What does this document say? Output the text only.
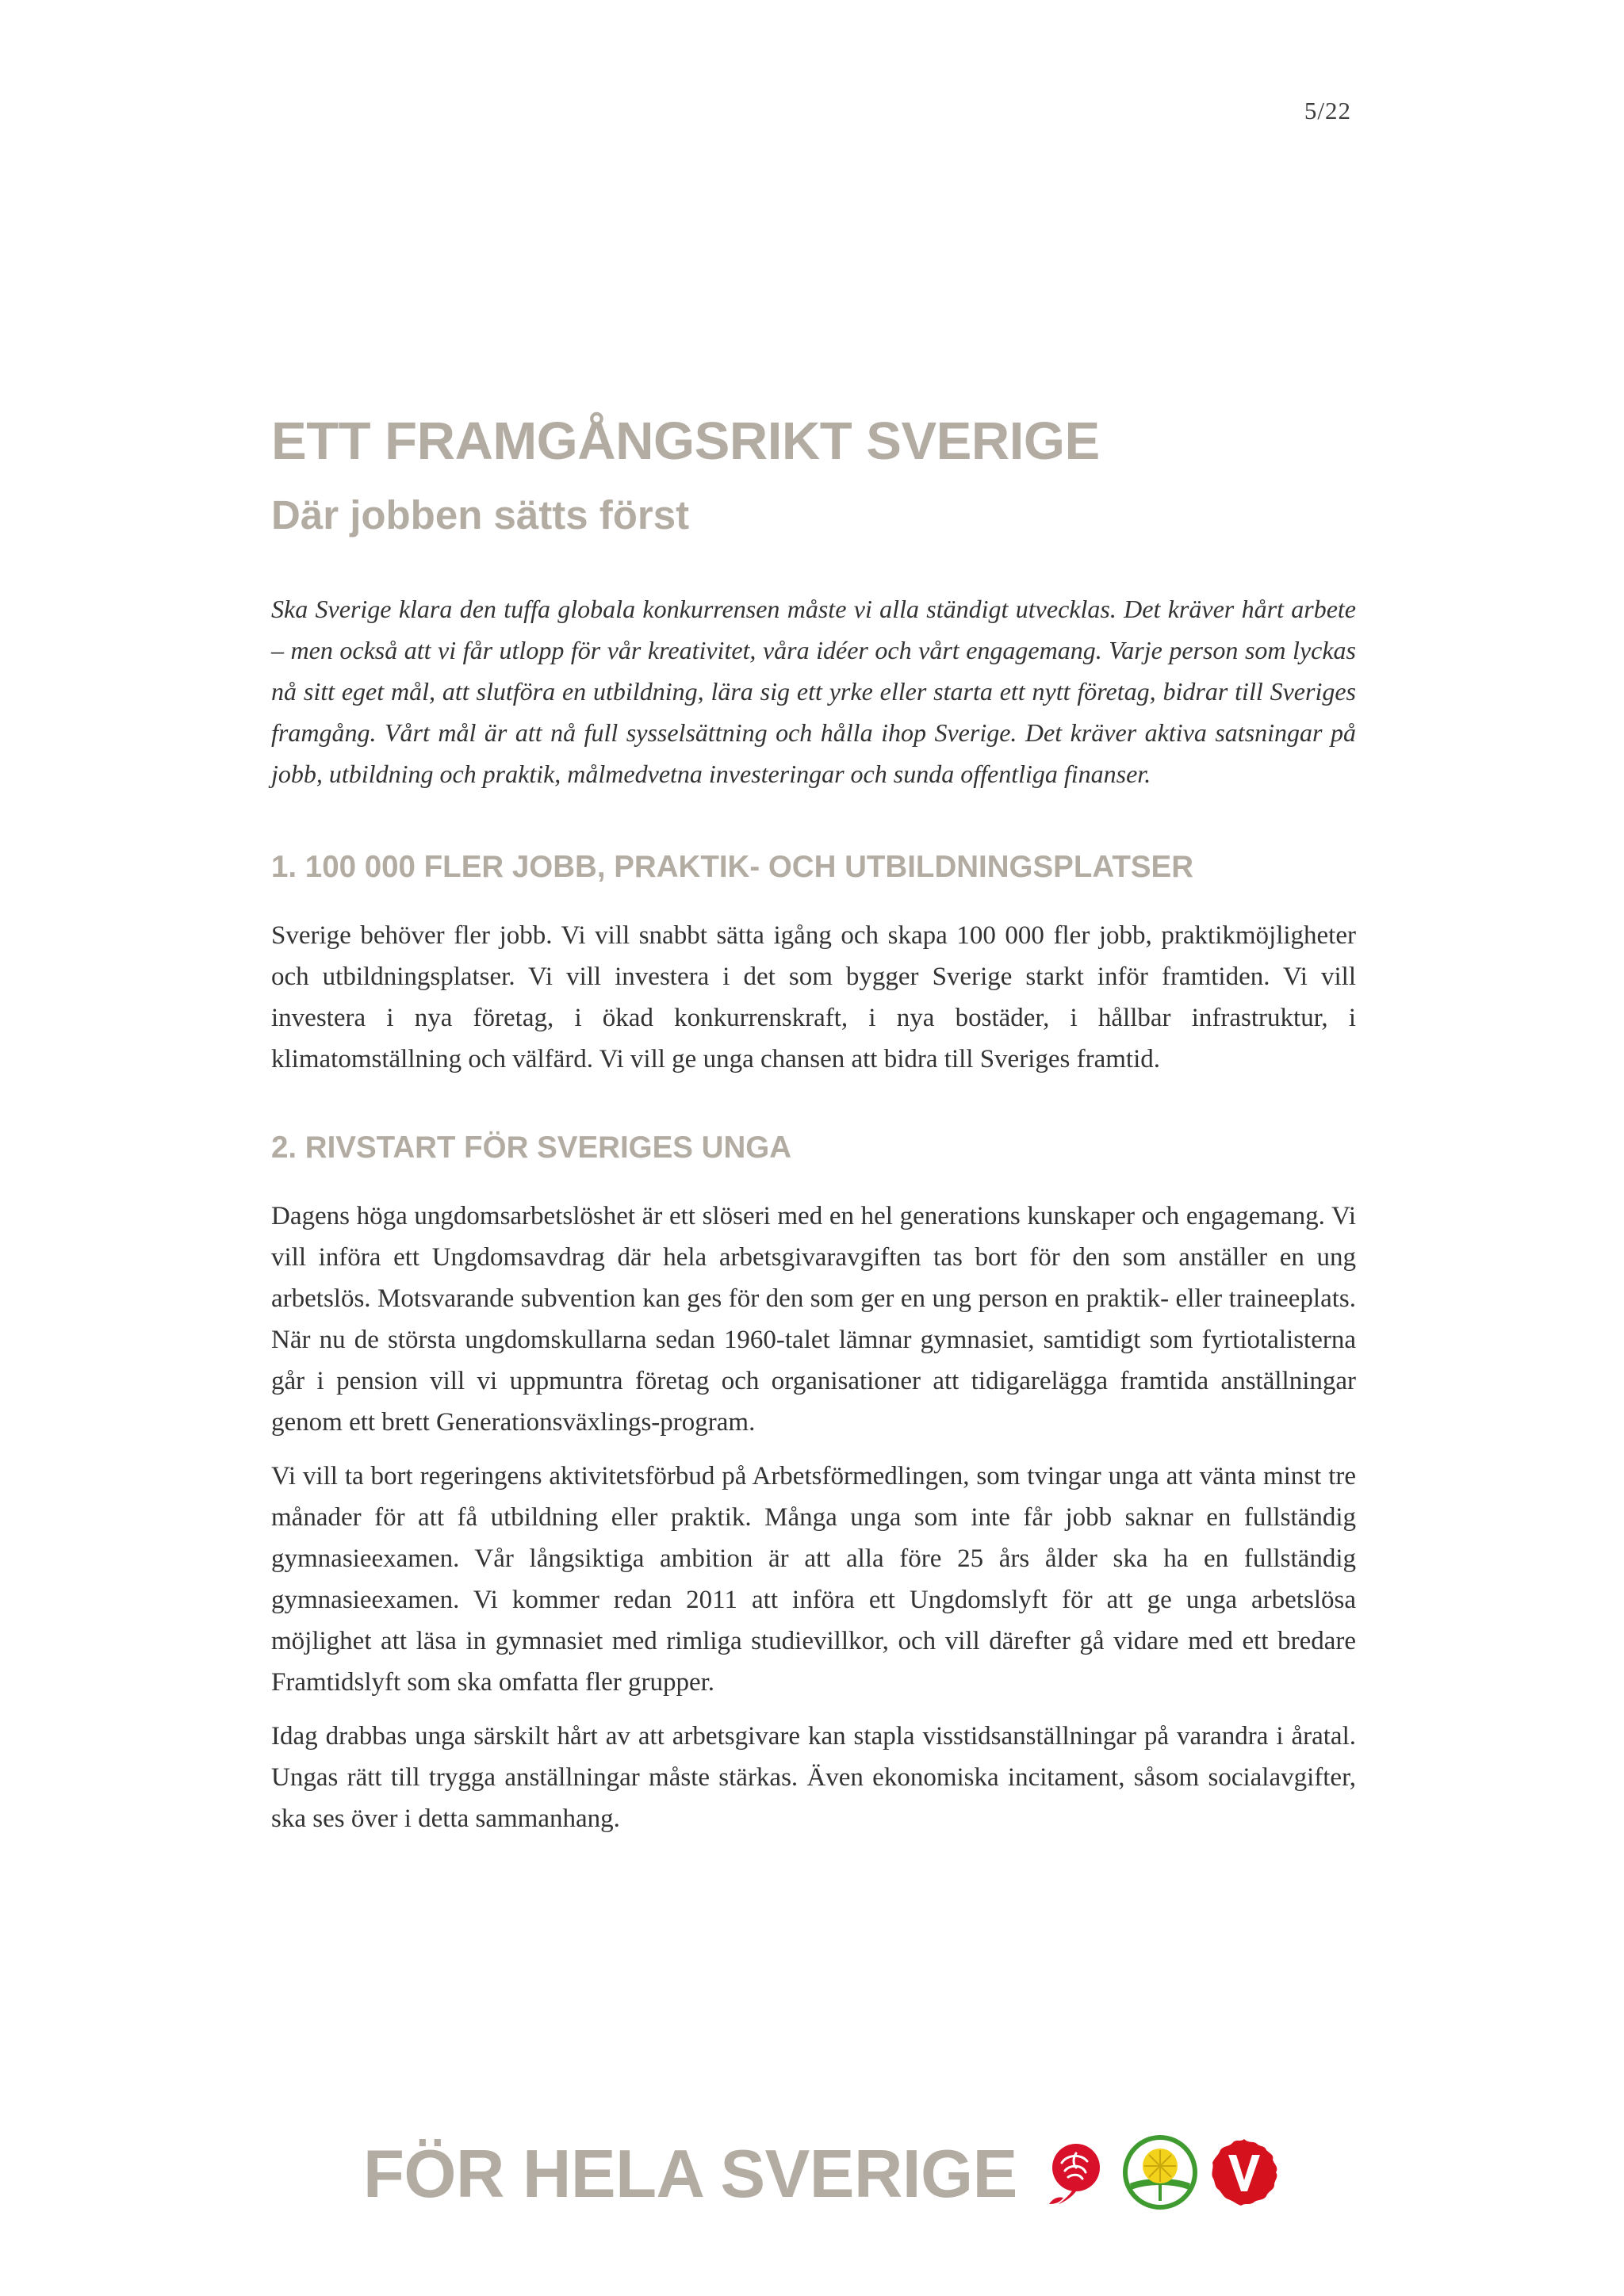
5/22
ETT FRAMGÅNGSRIKT SVERIGE
Där jobben sätts först

Ska Sverige klara den tuffa globala konkurrensen måste vi alla ständigt utvecklas. Det kräver hårt arbete – men också att vi får utlopp för vår kreativitet, våra idéer och vårt engagemang. Varje person som lyckas nå sitt eget mål, att slutföra en utbildning, lära sig ett yrke eller starta ett nytt företag, bidrar till Sveriges framgång. Vårt mål är att nå full sysselsättning och hålla ihop Sverige. Det kräver aktiva satsningar på jobb, utbildning och praktik, målmedvetna investeringar och sunda offentliga finanser.

1. 100 000 FLER JOBB, PRAKTIK- OCH UTBILDNINGSPLATSER

Sverige behöver fler jobb. Vi vill snabbt sätta igång och skapa 100 000 fler jobb, praktikmöjligheter och utbildningsplatser. Vi vill investera i det som bygger Sverige starkt inför framtiden. Vi vill investera i nya företag, i ökad konkurrenskraft, i nya bostäder, i hållbar infrastruktur, i klimatomställning och välfärd. Vi vill ge unga chansen att bidra till Sveriges framtid.

2. RIVSTART FÖR SVERIGES UNGA

Dagens höga ungdomsarbetslöshet är ett slöseri med en hel generations kunskaper och engagemang. Vi vill införa ett Ungdomsavdrag där hela arbetsgivaravgiften tas bort för den som anställer en ung arbetslös. Motsvarande subvention kan ges för den som ger en ung person en praktik- eller traineeplats. När nu de största ungdomskullarna sedan 1960-talet lämnar gymnasiet, samtidigt som fyrtiotalisterna går i pension vill vi uppmuntra företag och organisationer att tidigarelägga framtida anställningar genom ett brett Generationsväxlings-program.

Vi vill ta bort regeringens aktivitetsförbud på Arbetsförmedlingen, som tvingar unga att vänta minst tre månader för att få utbildning eller praktik. Många unga som inte får jobb saknar en fullständig gymnasieexamen. Vår långsiktiga ambition är att alla före 25 års ålder ska ha en fullständig gymnasieexamen. Vi kommer redan 2011 att införa ett Ungdomslyft för att ge unga arbetslösa möjlighet att läsa in gymnasiet med rimliga studievillkor, och vill därefter gå vidare med ett bredare Framtidslyft som ska omfatta fler grupper.

Idag drabbas unga särskilt hårt av att arbetsgivare kan stapla visstidsanställningar på varandra i åratal. Ungas rätt till trygga anställningar måste stärkas. Även ekonomiska incitament, såsom socialavgifter, ska ses över i detta sammanhang.

FÖR HELA SVERIGE
